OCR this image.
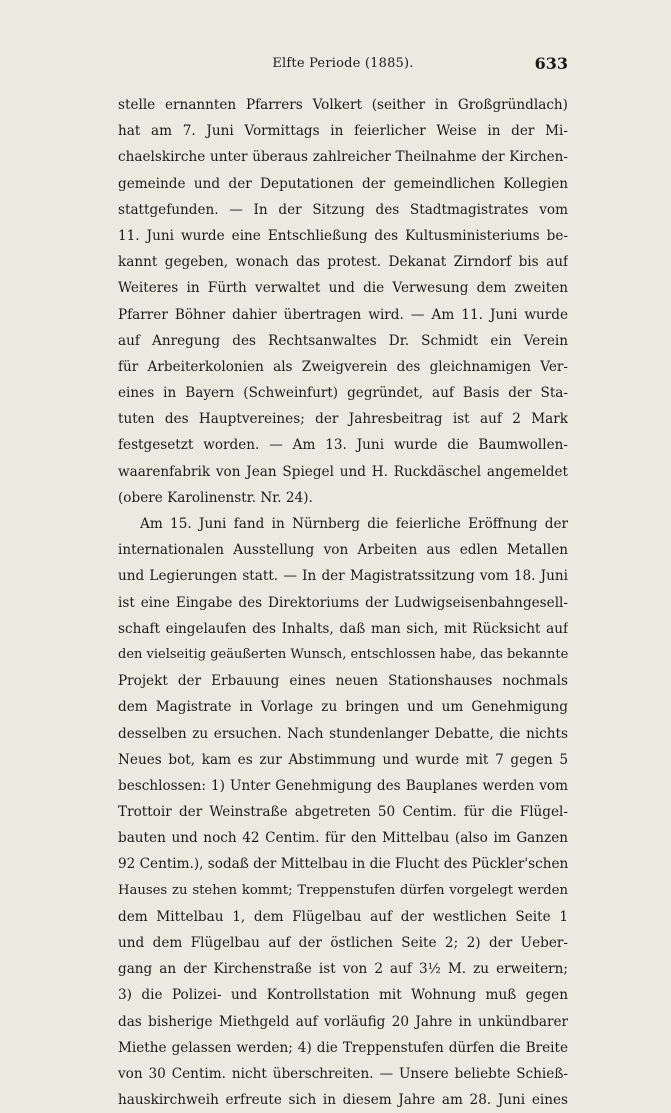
Elfte Periode (1885).	633
stelle ernannten Pfarrers Volkert (seither in Großgründlach)
hat am 7. Juni Vormittags in feierlicher Weise in der Mi-
chaelskirche unter überaus zahlreicher Theilnahme der Kirchen-
gemeinde und der Deputationen der gemeindlichen Kollegien
stattgefunden. — In der Sitzung des Stadtmagistrates vom
11. Juni wurde eine Entschließung des Kultusministeriums be-
kannt gegeben, wonach das protest. Dekanat Zirndorf bis auf
Weiteres in Fürth verwaltet und die Verwesung dem zweiten
Pfarrer Böhner dahier übertragen wird. — Am 11. Juni wurde
auf Anregung des Rechtsanwaltes Dr. Schmidt ein Verein
für Arbeiterkolonien als Zweigverein des gleichnamigen Ver-
eines in Bayern (Schweinfurt) gegründet, auf Basis der Sta-
tuten des Hauptvereines; der Jahresbeitrag ist auf 2 Mark
festgesetzt worden. — Am 13. Juni wurde die Baumwollen-
waarenfabrik von Jean Spiegel und H. Ruckdäschel angemeldet
(obere Karolinenstr. Nr. 24).
Am 15. Juni fand in Nürnberg die feierliche Eröffnung der
internationalen Ausstellung von Arbeiten aus edlen Metallen
und Legierungen statt. — In der Magistratssitzung vom 18. Juni
ist eine Eingabe des Direktoriums der Ludwigseisenbahngesell-
schaft eingelaufen des Inhalts, daß man sich, mit Rücksicht auf
den vielseitig geäußerten Wunsch, entschlossen habe, das bekannte
Projekt der Erbauung eines neuen Stationshauses nochmals
dem Magistrate in Vorlage zu bringen und um Genehmigung
desselben zu ersuchen. Nach stundenlanger Debatte, die nichts
Neues bot, kam es zur Abstimmung und wurde mit 7 gegen 5
beschlossen: 1) Unter Genehmigung des Bauplanes werden vom
Trottoir der Weinstraße abgetreten 50 Centim. für die Flügel-
bauten und noch 42 Centim. für den Mittelbau (also im Ganzen
92 Centim.), sodaß der Mittelbau in die Flucht des Pückler'schen
Hauses zu stehen kommt; Treppenstufen dürfen vorgelegt werden
dem Mittelbau 1, dem Flügelbau auf der westlichen Seite 1
und dem Flügelbau auf der östlichen Seite 2; 2) der Ueber-
gang an der Kirchenstraße ist von 2 auf 3½ M. zu erweitern;
3) die Polizei- und Kontrollstation mit Wohnung muß gegen
das bisherige Miethgeld auf vorläufig 20 Jahre in unkündbarer
Miethe gelassen werden; 4) die Treppenstufen dürfen die Breite
von 30 Centim. nicht überschreiten. — Unsere beliebte Schieß-
hauskirchweih erfreute sich in diesem Jahre am 28. Juni eines
